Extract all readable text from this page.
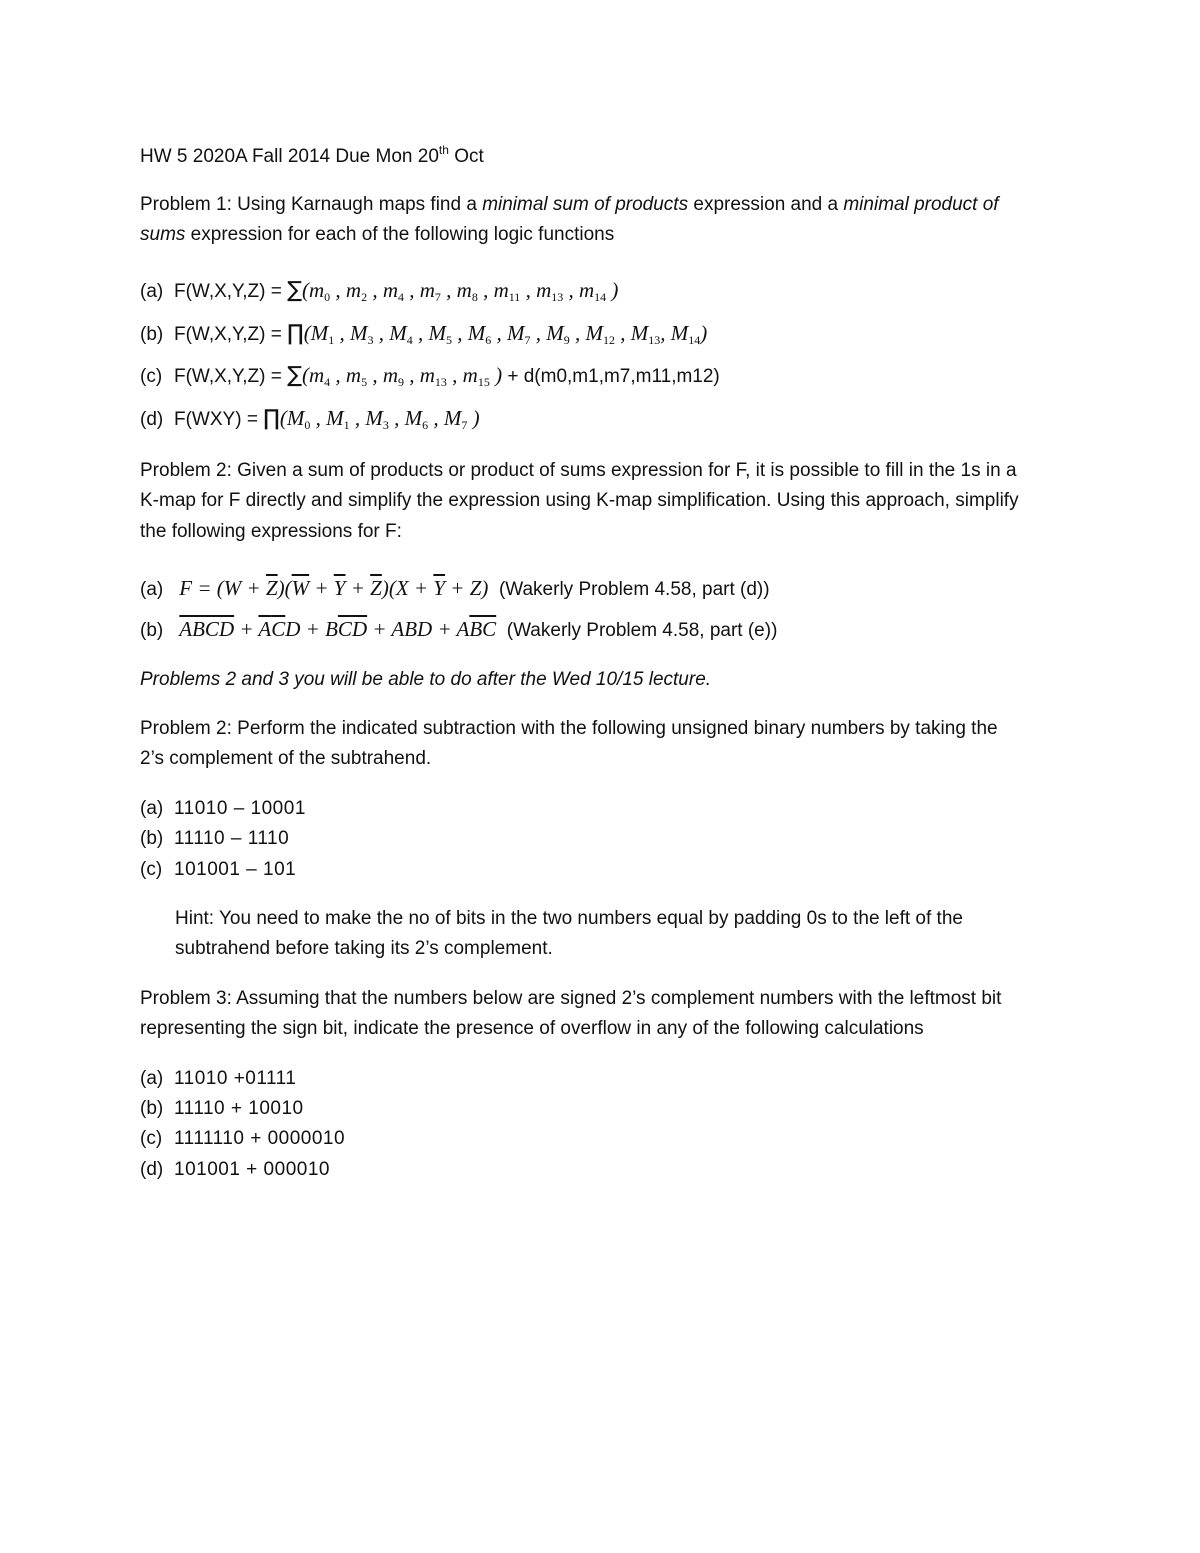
HW 5 2020A Fall 2014 Due Mon 20th Oct
Problem 1: Using Karnaugh maps find a minimal sum of products expression and a minimal product of
sums expression for each of the following logic functions
(a) $F(W,X,Y,Z) = \sum(m_0$ , $m_2$ , $m_4$ , $m_7$ , $m_8$ , $m_{11}$ , $m_{13}$ , $m_{14}$ )
(b) $F(W,X,Y,Z) = \prod(M_1$ , $M_3$ , $M_4$ , $M_5$ , $M_6$ , $M_7$ , $M_9$ , $M_{12}$ , $M_{13}$, $M_{14}$)
(c) $F(W,X,Y,Z) = \sum(m_4$ , $m_5$ , $m_9$ , $m_{13}$ , $m_{15}$ ) + d(m0,m1,m7,m11,m12)
(d) $F(WXY) = \prod(M_0$ , $M_1$ , $M_3$ , $M_6$ , $M_7$ )
Problem 2: Given a sum of products or product of sums expression for F, it is possible to fill in the 1s in a
K-map for F directly and simplify the expression using K-map simplification. Using this approach, simplify
the following expressions for F:
(a) $F = (W + \overline{Z})(\overline{W} + \overline{Y} + \overline{Z})(X + \overline{Y} + Z)$ (Wakerly Problem 4.58, part (d))
(b) ABCD + $\overline{A}\overline{C}D + B\overline{C}\overline{D}$ + ABD + $A\overline{BC}$ (Wakerly Problem 4.58, part (e))
Problems 2 and 3 you will be able to do after the Wed 10/15 lecture.
Problem 2: Perform the indicated subtraction with the following unsigned binary numbers by taking the
2’s complement of the subtrahend.
(a) 11010 – 10001
(b) 11110 – 1110
(c) 101001 – 101
Hint: You need to make the no of bits in the two numbers equal by padding 0s to the left of the
subtrahend before taking its 2’s complement.
Problem 3: Assuming that the numbers below are signed 2’s complement numbers with the leftmost bit
representing the sign bit, indicate the presence of overflow in any of the following calculations
(a) 11010 +01111
(b) 11110 + 10010
(c) 1111110 + 0000010
(d) 101001 + 000010
